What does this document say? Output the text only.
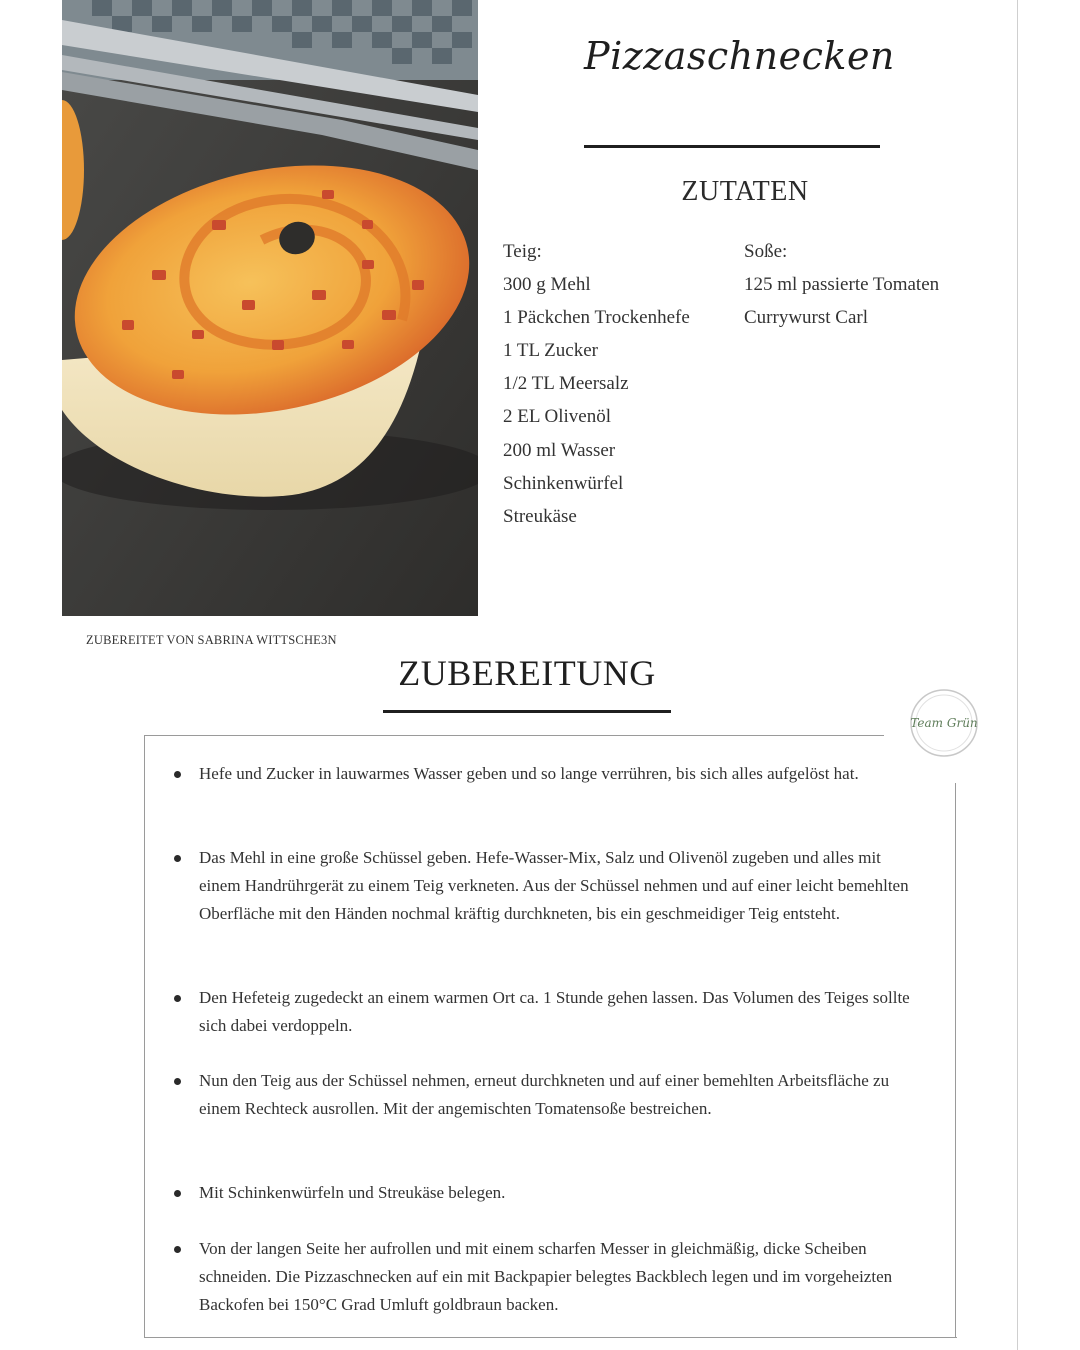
ZUBEREITET VON SABRINA WITTSCHE3N
Pizzaschnecken
ZUTATEN
Teig:
300 g Mehl
1 Päckchen Trockenhefe
1 TL Zucker
1/2 TL Meersalz
2 EL Olivenöl
200 ml Wasser
Schinkenwürfel
Streukäse
Soße:
125 ml passierte Tomaten
Currywurst Carl
ZUBEREITUNG
Team Grün
Hefe und Zucker in lauwarmes Wasser geben und so lange verrühren, bis sich alles aufgelöst hat.
Das Mehl in eine große Schüssel geben. Hefe-Wasser-Mix, Salz und Olivenöl zugeben und alles mit einem Handrührgerät zu einem Teig verkneten. Aus der Schüssel nehmen und auf einer leicht bemehlten Oberfläche mit den Händen nochmal kräftig durchkneten, bis ein geschmeidiger Teig entsteht.
Den Hefeteig zugedeckt an einem warmen Ort ca. 1 Stunde gehen lassen. Das Volumen des Teiges sollte sich dabei verdoppeln.
Nun den Teig aus der Schüssel nehmen, erneut durchkneten und auf einer bemehlten Arbeitsfläche zu einem Rechteck ausrollen. Mit der angemischten Tomatensoße bestreichen.
Mit Schinkenwürfeln und Streukäse belegen.
Von der langen Seite her aufrollen und mit einem scharfen Messer in gleichmäßig, dicke Scheiben schneiden. Die Pizzaschnecken auf ein mit Backpapier belegtes Backblech legen und im vorgeheizten Backofen bei 150°C Grad Umluft goldbraun backen.
